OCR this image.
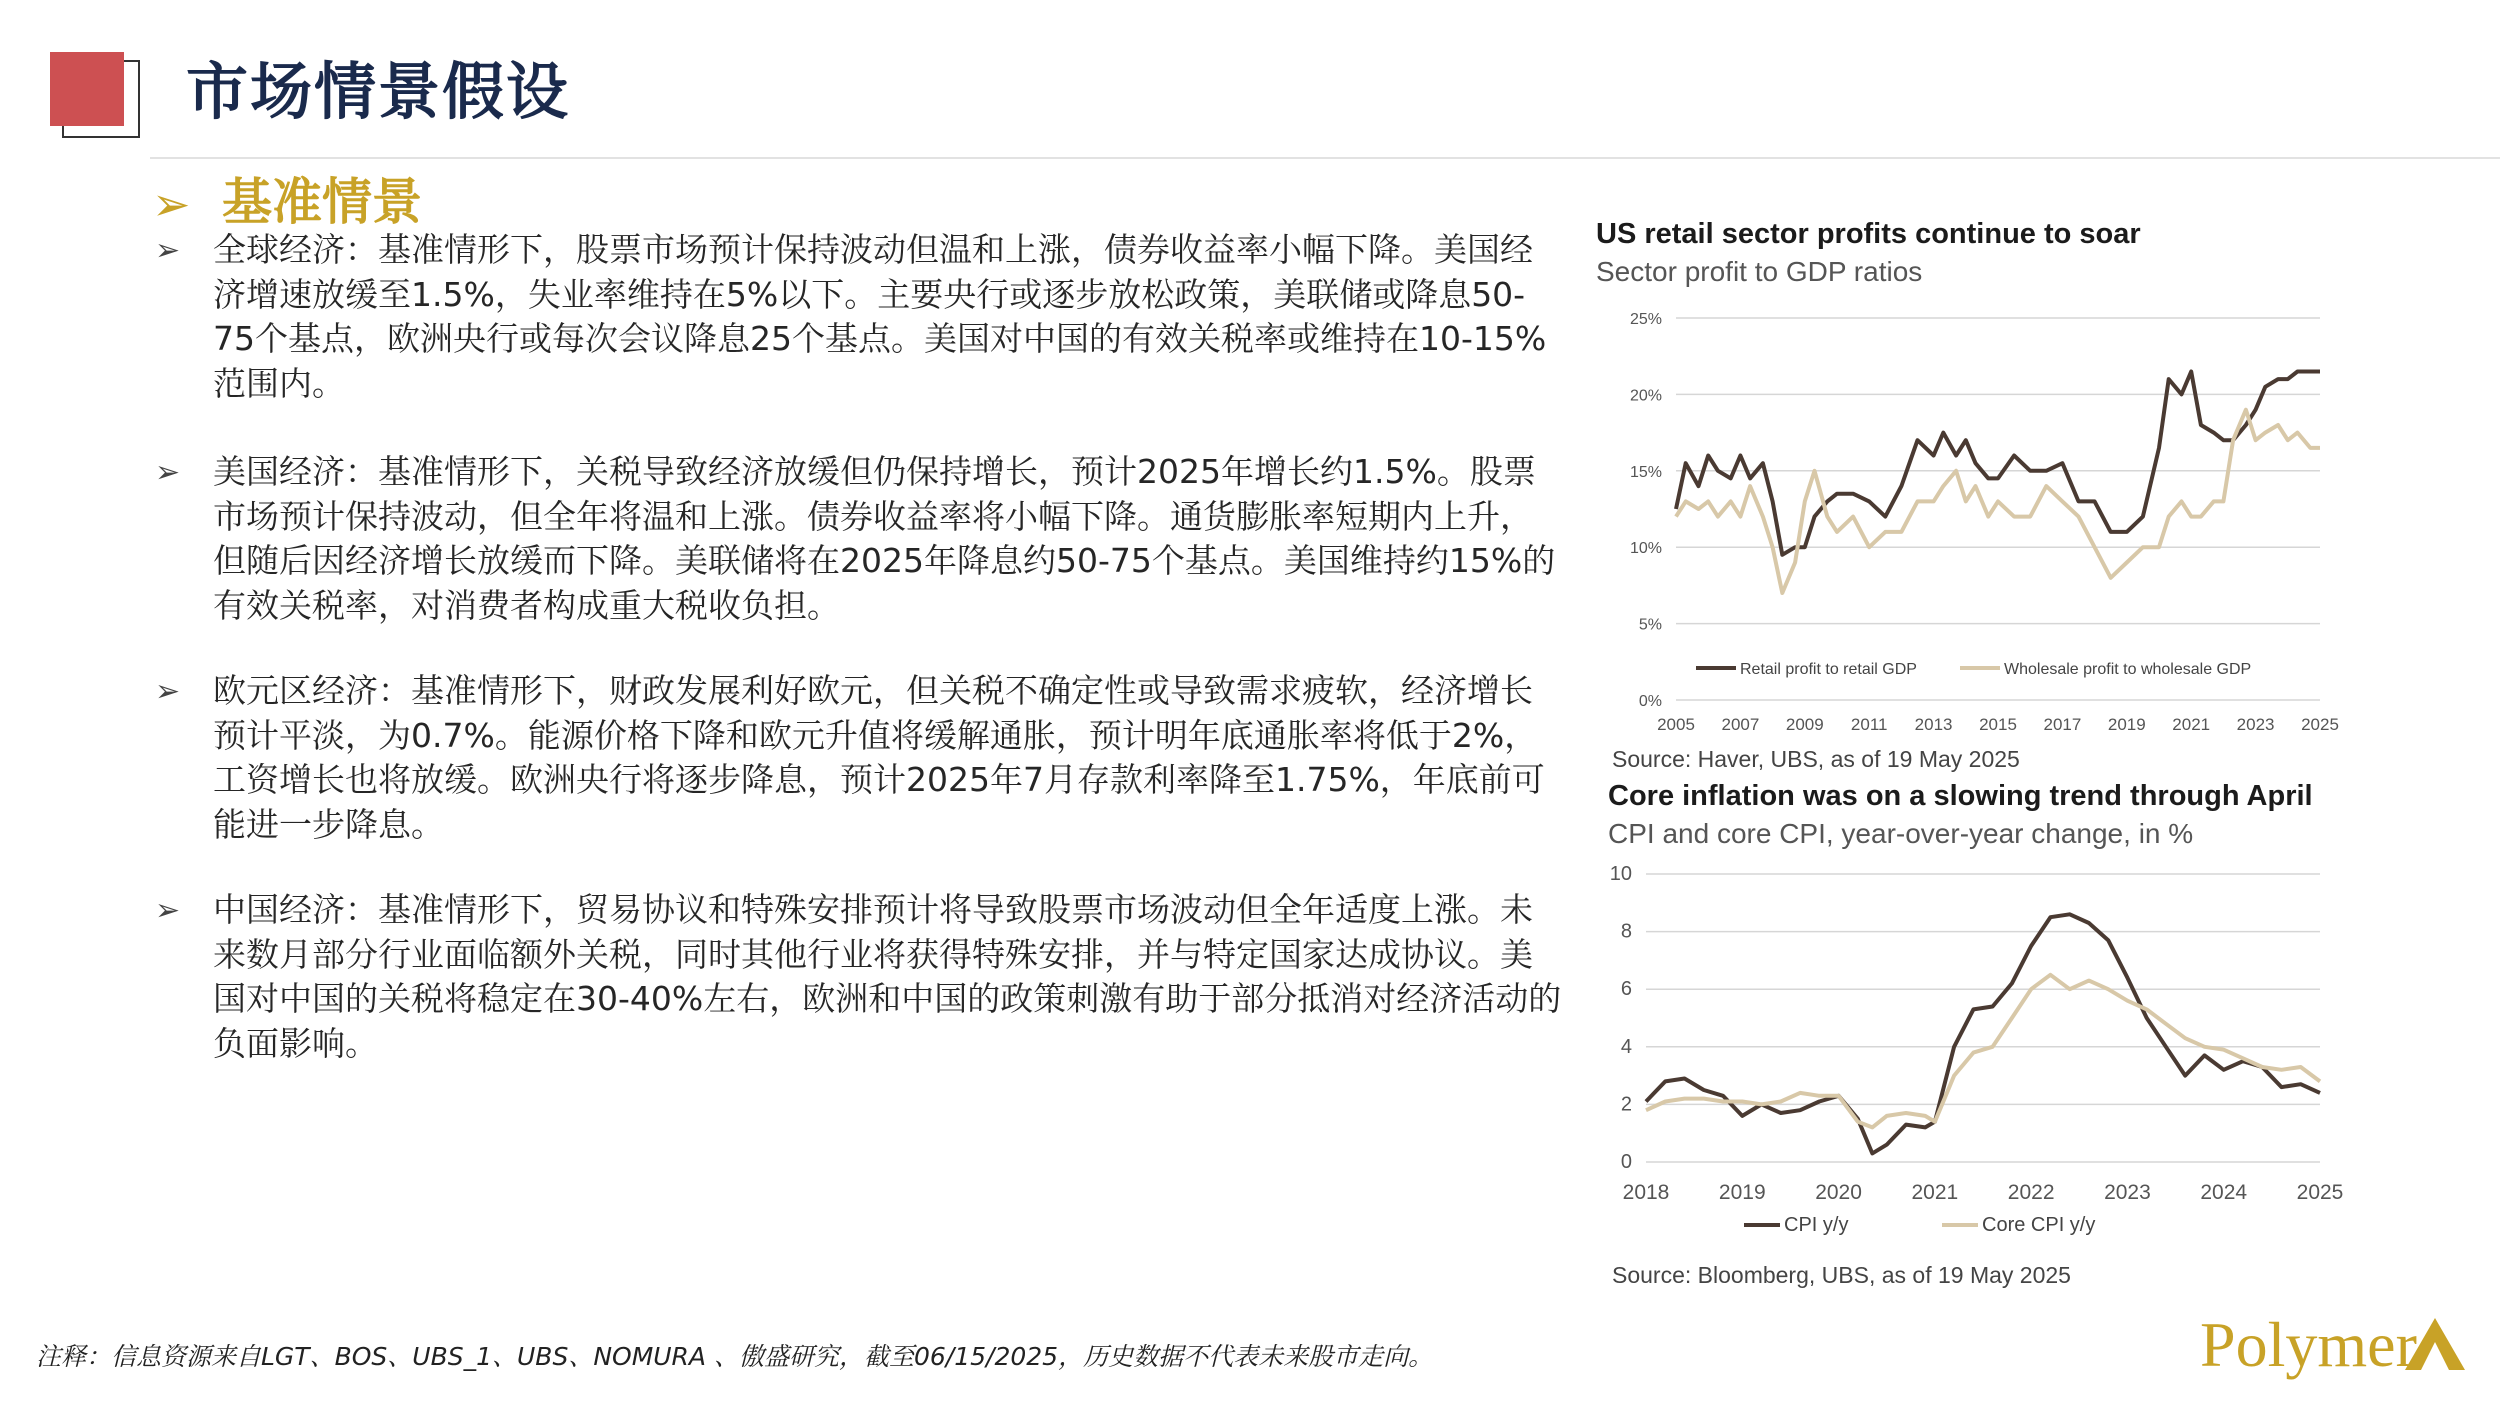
市场情景假设
➢ 基准情景
➢ 全球经济：基准情形下，股票市场预计保持波动但温和上涨，债券收益率小幅下降。美国经济增速放缓至1.5%，失业率维持在5%以下。主要央行或逐步放松政策，美联储或降息50-75个基点，欧洲央行或每次会议降息25个基点。美国对中国的有效关税率或维持在10-15%范围内。
➢ 美国经济：基准情形下，关税导致经济放缓但仍保持增长，预计2025年增长约1.5%。股票市场预计保持波动，但全年将温和上涨。债券收益率将小幅下降。通货膨胀率短期内上升，但随后因经济增长放缓而下降。美联储将在2025年降息约50-75个基点。美国维持约15%的有效关税率，对消费者构成重大税收负担。
➢ 欧元区经济：基准情形下，财政发展利好欧元，但关税不确定性或导致需求疲软，经济增长预计平淡，为0.7%。能源价格下降和欧元升值将缓解通胀，预计明年底通胀率将低于2%，工资增长也将放缓。欧洲央行将逐步降息，预计2025年7月存款利率降至1.75%，年底前可能进一步降息。
➢ 中国经济：基准情形下，贸易协议和特殊安排预计将导致股票市场波动但全年适度上涨。未来数月部分行业面临额外关税，同时其他行业将获得特殊安排，并与特定国家达成协议。美国对中国的关税将稳定在30-40%左右，欧洲和中国的政策刺激有助于部分抵消对经济活动的负面影响。
US retail sector profits continue to soar
Sector profit to GDP ratios
0%
5%
10%
15%
20%
25%
2005 2007 2009 2011 2013 2015 2017 2019 2021 2023 2025
Retail profit to retail GDP	Wholesale profit to wholesale GDP
Source: Haver, UBS, as of 19 May 2025
Core inflation was on a slowing trend through April
CPI and core CPI, year-over-year change, in %
0
2
4
6
8
10
2018 2019 2020 2021 2022 2023 2024 2025
CPI y/y	Core CPI y/y
Source: Bloomberg, UBS, as of 19 May 2025
注释：信息资源来自LGT、BOS、UBS_1、UBS、NOMURA 、傲盛研究，截至06/15/2025，历史数据不代表未来股市走向。	Polymer
